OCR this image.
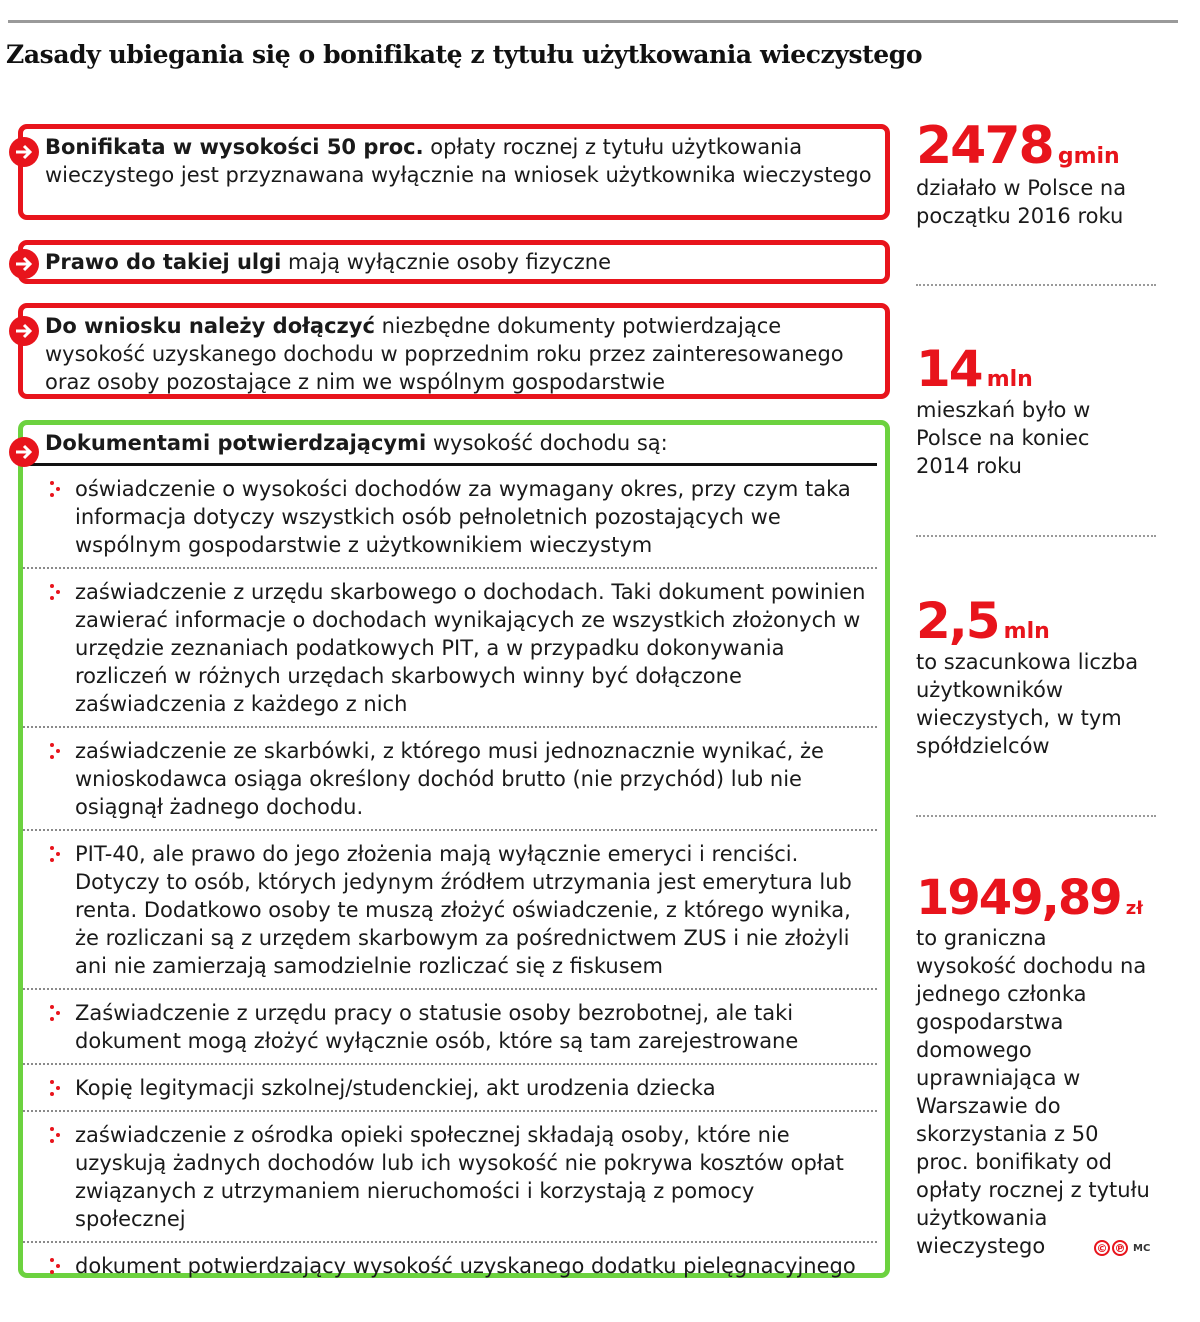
Zasady ubiegania się o bonifikatę z tytułu użytkowania wieczystego

Bonifikata w wysokości 50 proc. opłaty rocznej z tytułu użytkowania wieczystego jest przyznawana wyłącznie na wniosek użytkownika wieczystego

Prawo do takiej ulgi mają wyłącznie osoby fizyczne

Do wniosku należy dołączyć niezbędne dokumenty potwierdzające wysokość uzyskanego dochodu w poprzednim roku przez zainteresowanego oraz osoby pozostające z nim we wspólnym gospodarstwie

Dokumentami potwierdzającymi wysokość dochodu są:
oświadczenie o wysokości dochodów za wymagany okres, przy czym taka informacja dotyczy wszystkich osób pełnoletnich pozostających we wspólnym gospodarstwie z użytkownikiem wieczystym
zaświadczenie z urzędu skarbowego o dochodach. Taki dokument powinien zawierać informacje o dochodach wynikających ze wszystkich złożonych w urzędzie zeznaniach podatkowych PIT, a w przypadku dokonywania rozliczeń w różnych urzędach skarbowych winny być dołączone zaświadczenia z każdego z nich
zaświadczenie ze skarbówki, z którego musi jednoznacznie wynikać, że wnioskodawca osiąga określony dochód brutto (nie przychód) lub nie osiągnął żadnego dochodu.
PIT-40, ale prawo do jego złożenia mają wyłącznie emeryci i renciści. Dotyczy to osób, których jedynym źródłem utrzymania jest emerytura lub renta. Dodatkowo osoby te muszą złożyć oświadczenie, z którego wynika, że rozliczani są z urzędem skarbowym za pośrednictwem ZUS i nie złożyli ani nie zamierzają samodzielnie rozliczać się z fiskusem
Zaświadczenie z urzędu pracy o statusie osoby bezrobotnej, ale taki dokument mogą złożyć wyłącznie osób, które są tam zarejestrowane
Kopię legitymacji szkolnej/studenckiej, akt urodzenia dziecka
zaświadczenie z ośrodka opieki społecznej składają osoby, które nie uzyskują żadnych dochodów lub ich wysokość nie pokrywa kosztów opłat związanych z utrzymaniem nieruchomości i korzystają z pomocy społecznej
dokument potwierdzający wysokość uzyskanego dodatku pielęgnacyjnego
2478 gmin
działało w Polsce na początku 2016 roku
14 mln
mieszkań było w Polsce na koniec 2014 roku
2,5 mln
to szacunkowa liczba użytkowników wieczystych, w tym spółdzielców
1949,89 zł
to graniczna wysokość dochodu na jednego członka gospodarstwa domowego uprawniająca w Warszawie do skorzystania z 50 proc. bonifikaty od opłaty rocznej z tytułu użytkowania wieczystego	© ℗ MC
